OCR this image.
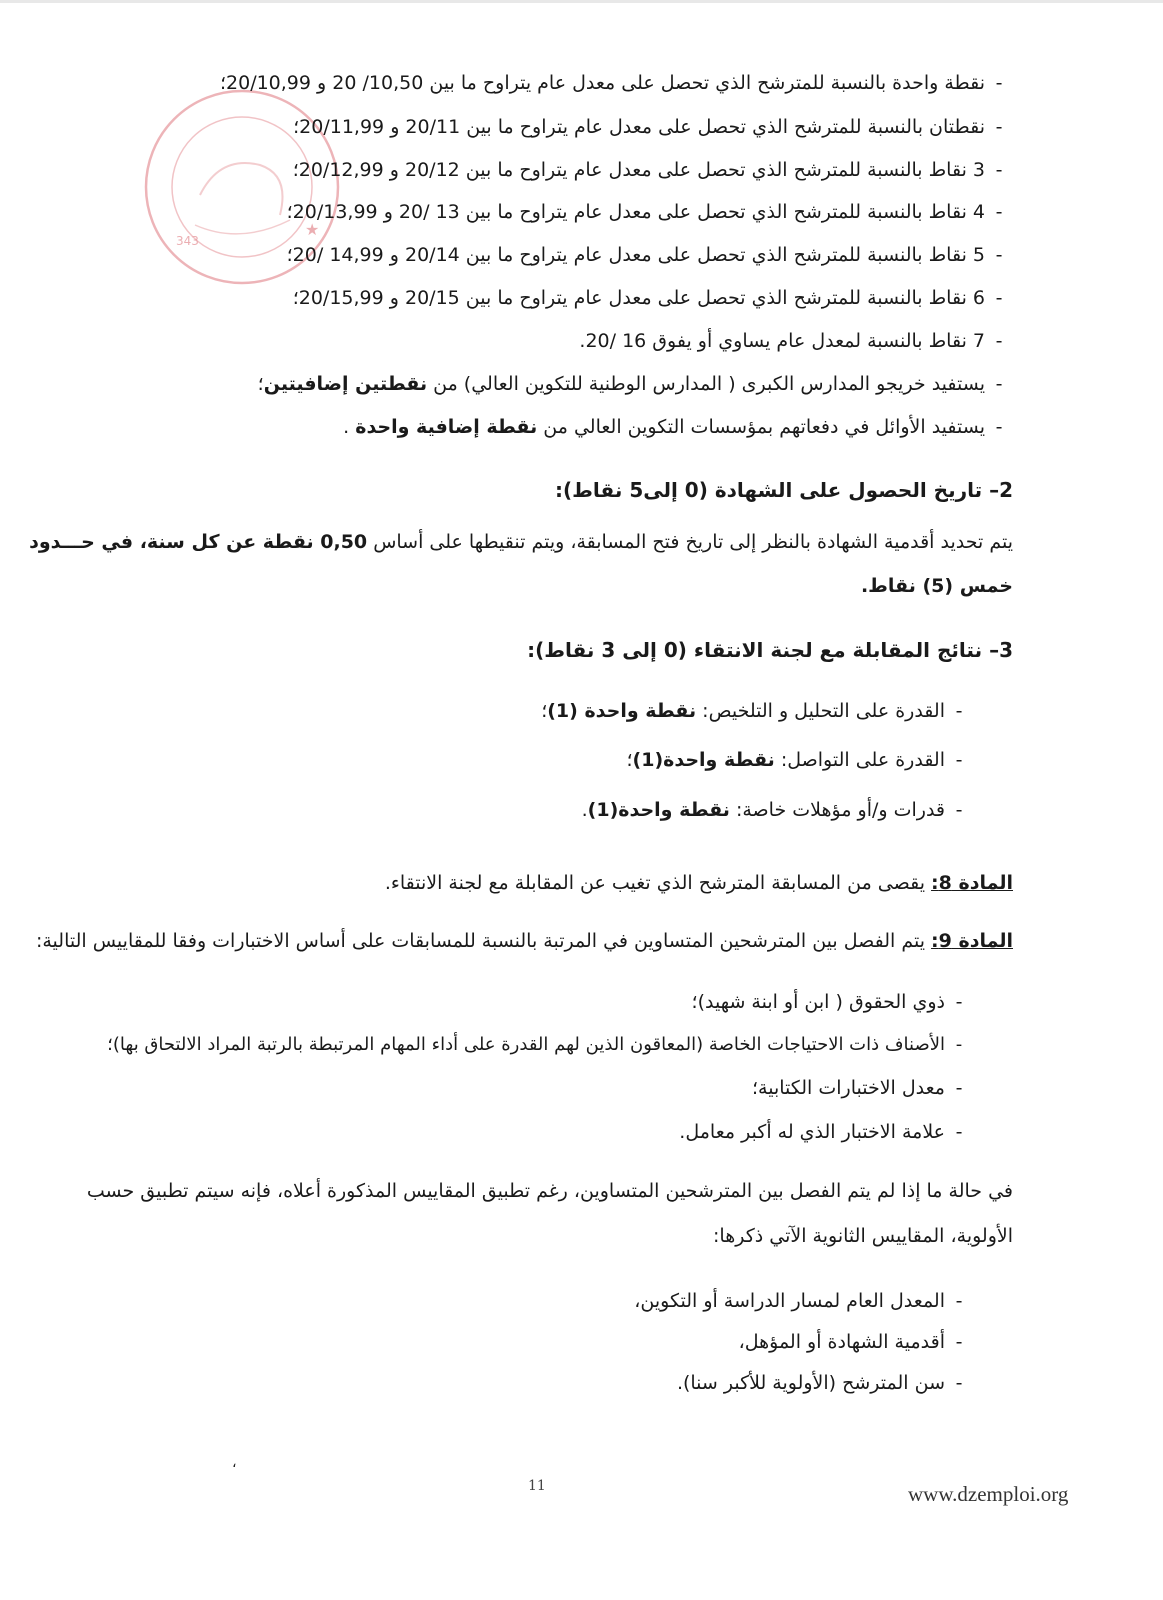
343
★
-نقطة واحدة بالنسبة للمترشح الذي تحصل على معدل عام يتراوح ما بين 10,50/ 20 و 20/10,99؛
-نقطتان بالنسبة للمترشح الذي تحصل على معدل عام يتراوح ما بين 20/11 و 20/11,99؛
-3 نقاط بالنسبة للمترشح الذي تحصل على معدل عام يتراوح ما بين 20/12 و 20/12,99؛
-4 نقاط بالنسبة للمترشح الذي تحصل على معدل عام يتراوح ما بين 13 /20 و 20/13,99؛
-5 نقاط بالنسبة للمترشح الذي تحصل على معدل عام يتراوح ما بين 20/14 و 14,99 /20؛
-6 نقاط بالنسبة للمترشح الذي تحصل على معدل عام يتراوح ما بين 20/15 و 20/15,99؛
-7 نقاط بالنسبة لمعدل عام يساوي أو يفوق 16 /20.
-يستفيد خريجو المدارس الكبرى ( المدارس الوطنية للتكوين العالي) من نقطتين إضافيتين؛
-يستفيد الأوائل في دفعاتهم بمؤسسات التكوين العالي من نقطة إضافية واحدة .
2– تاريخ الحصول على الشهادة (0 إلى5 نقاط):
يتم تحديد أقدمية الشهادة بالنظر إلى تاريخ فتح المسابقة، ويتم تنقيطها على أساس 0,50 نقطة عن كل سنة، في حـــدود
خمس (5) نقاط.
3– نتائج المقابلة مع لجنة الانتقاء (0 إلى 3 نقاط):
-القدرة على التحليل و التلخيص: نقطة واحدة (1)؛
-القدرة على التواصل: نقطة واحدة(1)؛
-قدرات و/أو مؤهلات خاصة: نقطة واحدة(1).
المادة 8: يقصى من المسابقة المترشح الذي تغيب عن المقابلة مع لجنة الانتقاء.
المادة 9: يتم الفصل بين المترشحين المتساوين في المرتبة بالنسبة للمسابقات على أساس الاختبارات وفقا للمقاييس التالية:
-ذوي الحقوق ( ابن أو ابنة شهيد)؛
-الأصناف ذات الاحتياجات الخاصة (المعاقون الذين لهم القدرة على أداء المهام المرتبطة بالرتبة المراد الالتحاق بها)؛
-معدل الاختبارات الكتابية؛
-علامة الاختبار الذي له أكبر معامل.
في حالة ما إذا لم يتم الفصل بين المترشحين المتساوين، رغم تطبيق المقاييس المذكورة أعلاه، فإنه سيتم تطبيق حسب
الأولوية، المقاييس الثانوية الآتي ذكرها:
-المعدل العام لمسار الدراسة أو التكوين،
-أقدمية الشهادة أو المؤهل،
-سن المترشح (الأولوية للأكبر سنا).
،
11	www.dzemploi.org
